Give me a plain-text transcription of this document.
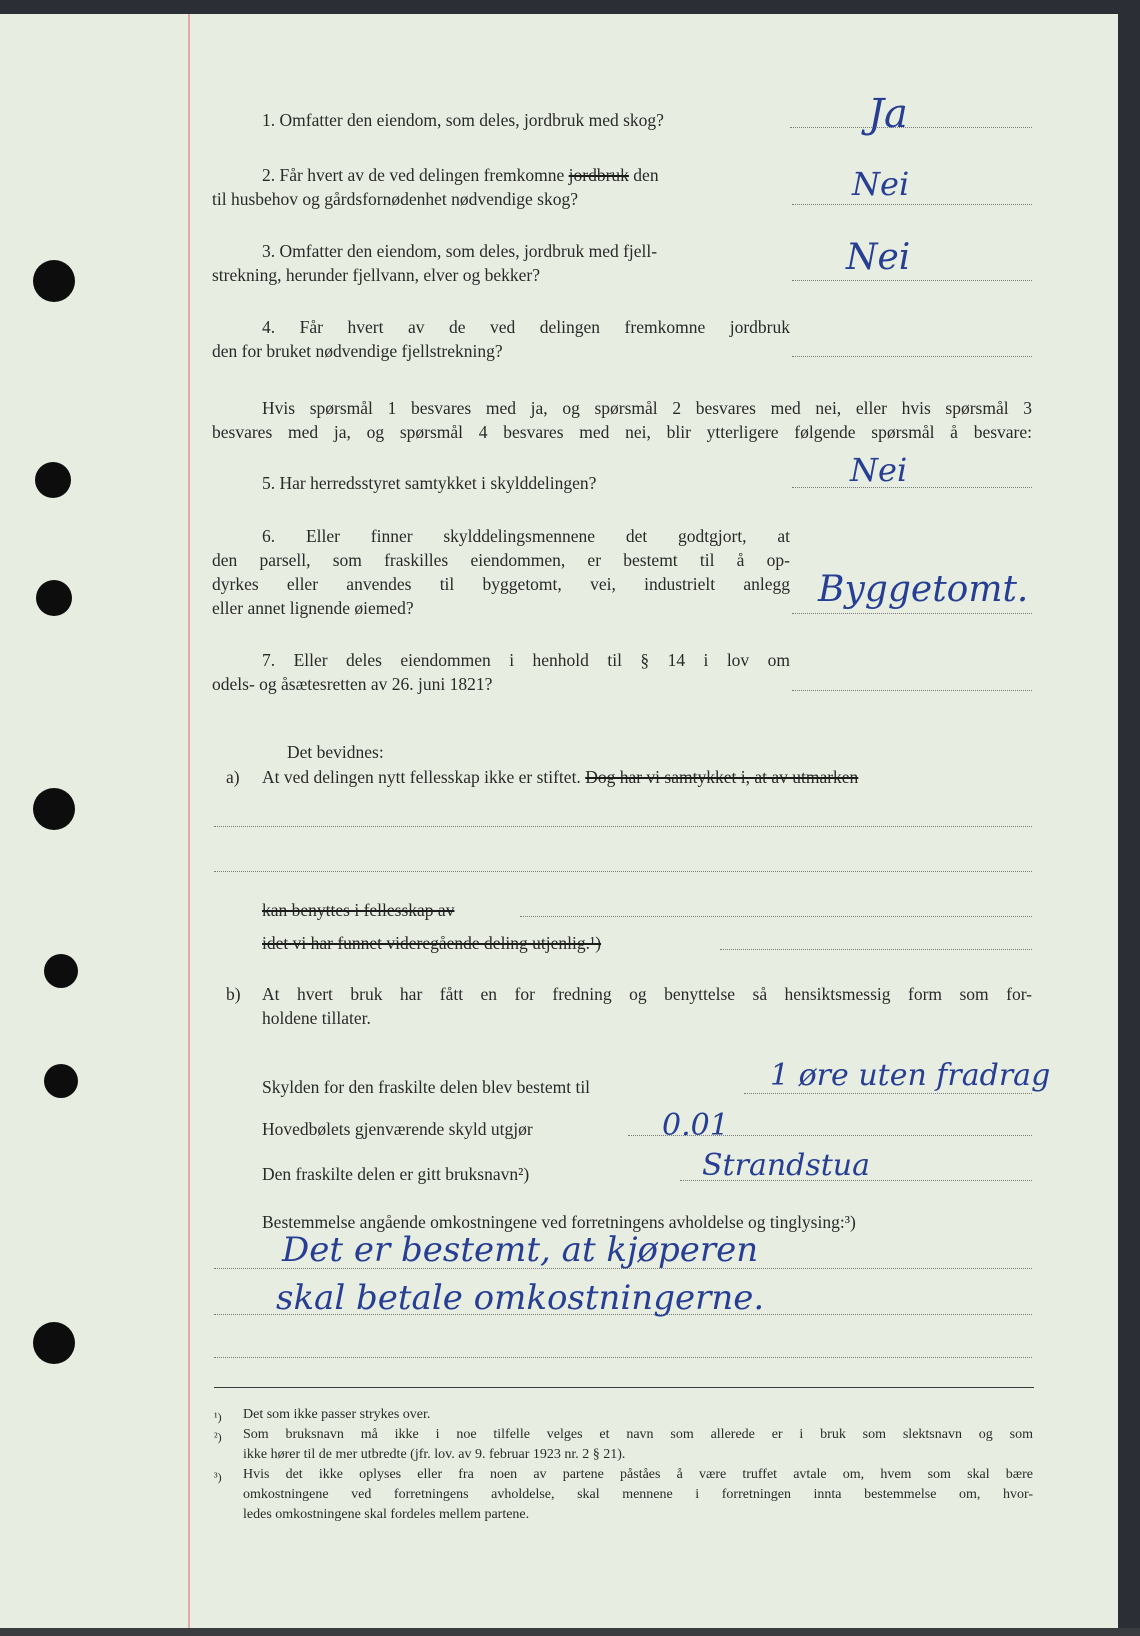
1. Omfatter den eiendom, som deles, jordbruk med skog?	Ja
2. Får hvert av de ved delingen fremkomne jordbruk den
til husbehov og gårdsfornødenhet nødvendige skog?	Nei
3. Omfatter den eiendom, som deles, jordbruk med fjell-
strekning, herunder fjellvann, elver og bekker?	Nei
4. Får hvert av de ved delingen fremkomne jordbruk
den for bruket nødvendige fjellstrekning?
Hvis spørsmål 1 besvares med ja, og spørsmål 2 besvares med nei, eller hvis spørsmål 3
besvares med ja, og spørsmål 4 besvares med nei, blir ytterligere følgende spørsmål å besvare:
5. Har herredsstyret samtykket i skylddelingen?	Nei
6. Eller finner skylddelingsmennene det godtgjort, at
den parsell, som fraskilles eiendommen, er bestemt til å op-
dyrkes eller anvendes til byggetomt, vei, industrielt anlegg
eller annet lignende øiemed?	Byggetomt.
7. Eller deles eiendommen i henhold til § 14 i lov om
odels- og åsætesretten av 26. juni 1821?
Det bevidnes:
a) At ved delingen nytt fellesskap ikke er stiftet. Dog har vi samtykket i, at av utmarken
kan benyttes i fellesskap av
idet vi har funnet videregående deling utjenlig.¹)
b) At hvert bruk har fått en for fredning og benyttelse så hensiktsmessig form som for-
holdene tillater.
Skylden for den fraskilte delen blev bestemt til	1 øre uten fradrag
Hovedbølets gjenværende skyld utgjør	0.01
Den fraskilte delen er gitt bruksnavn²)	Strandstua
Bestemmelse angående omkostningene ved forretningens avholdelse og tinglysing:³)
Det er bestemt, at kjøperen
skal betale omkostningerne.
¹) Det som ikke passer strykes over.
²) Som bruksnavn må ikke i noe tilfelle velges et navn som allerede er i bruk som slektsnavn og som
ikke hører til de mer utbredte (jfr. lov. av 9. februar 1923 nr. 2 § 21).
³) Hvis det ikke oplyses eller fra noen av partene påståes å være truffet avtale om, hvem som skal bære
omkostningene ved forretningens avholdelse, skal mennene i forretningen innta bestemmelse om, hvor-
ledes omkostningene skal fordeles mellem partene.
